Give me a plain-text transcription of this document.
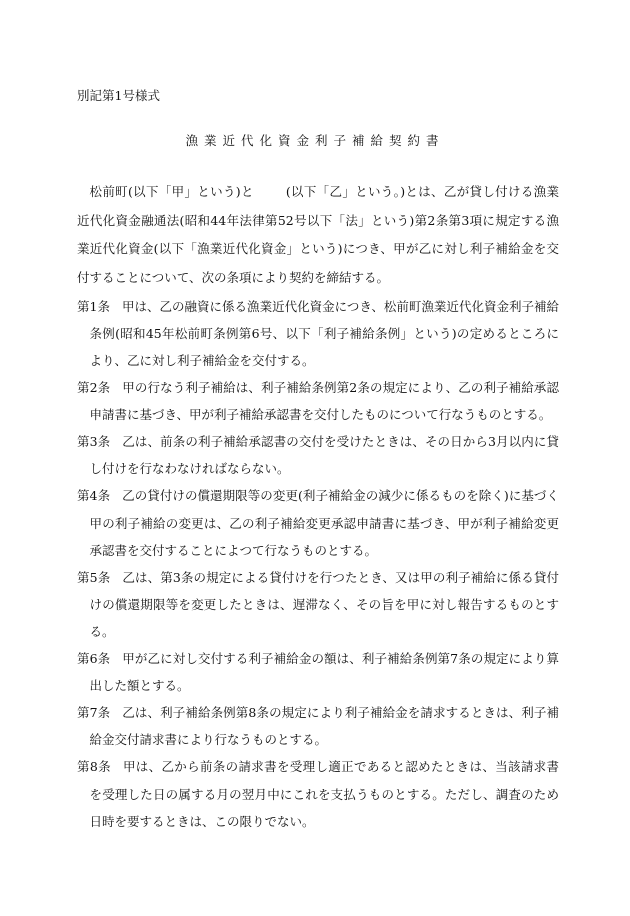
別記第1号様式
漁業近代化資金利子補給契約書

松前町(以下「甲」という)と	(以下「乙」という。)とは、乙が貸し付ける漁業近代化資金融通法(昭和44年法律第52号以下「法」という)第2条第3項に規定する漁業近代化資金(以下「漁業近代化資金」という)につき、甲が乙に対し利子補給金を交付することについて、次の条項により契約を締結する。

第1条 甲は、乙の融資に係る漁業近代化資金につき、松前町漁業近代化資金利子補給条例(昭和45年松前町条例第6号、以下「利子補給条例」という)の定めるところにより、乙に対し利子補給金を交付する。

第2条 甲の行なう利子補給は、利子補給条例第2条の規定により、乙の利子補給承認申請書に基づき、甲が利子補給承認書を交付したものについて行なうものとする。

第3条 乙は、前条の利子補給承認書の交付を受けたときは、その日から3月以内に貸し付けを行なわなければならない。

第4条 乙の貸付けの償還期限等の変更(利子補給金の減少に係るものを除く)に基づく甲の利子補給の変更は、乙の利子補給変更承認申請書に基づき、甲が利子補給変更承認書を交付することによつて行なうものとする。

第5条 乙は、第3条の規定による貸付けを行つたとき、又は甲の利子補給に係る貸付けの償還期限等を変更したときは、遅滞なく、その旨を甲に対し報告するものとする。

第6条 甲が乙に対し交付する利子補給金の額は、利子補給条例第7条の規定により算出した額とする。

第7条 乙は、利子補給条例第8条の規定により利子補給金を請求するときは、利子補給金交付請求書により行なうものとする。

第8条 甲は、乙から前条の請求書を受理し適正であると認めたときは、当該請求書を受理した日の属する月の翌月中にこれを支払うものとする。ただし、調査のため日時を要するときは、この限りでない。
